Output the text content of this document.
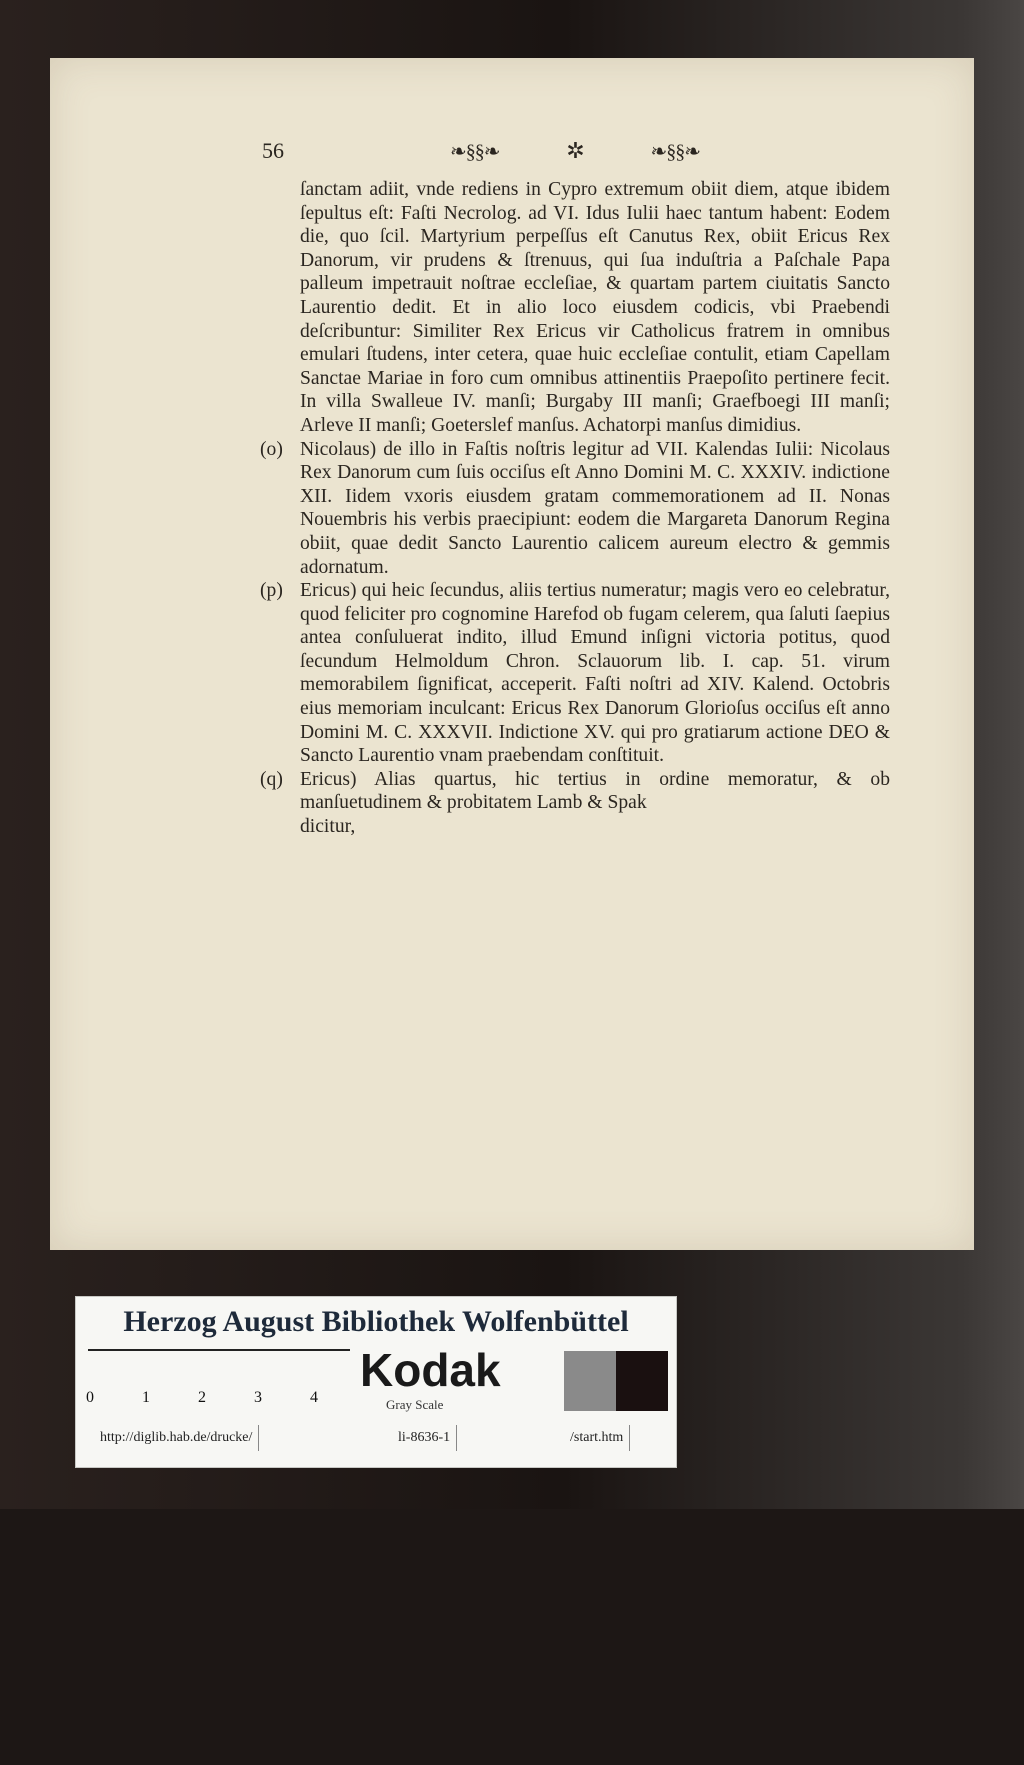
56	❧§§❧	✲	❧§§❧

ſanctam adiit, vnde rediens in Cypro extremum obiit diem, atque ibidem ſepultus eſt: Faſti Necrolog. ad VI. Idus Iulii haec tantum habent: Eodem die, quo ſcil. Martyrium perpeſſus eſt Canutus Rex, obiit Ericus Rex Danorum, vir prudens & ſtrenuus, qui ſua induſtria a Paſchale Papa palleum impetrauit noſtrae eccleſiae, & quartam partem ciuitatis Sancto Laurentio dedit. Et in alio loco eiusdem codicis, vbi Praebendi deſcribuntur: Similiter Rex Ericus vir Catholicus fratrem in omnibus emulari ſtudens, inter cetera, quae huic eccleſiae contulit, etiam Capellam Sanctae Mariae in foro cum omnibus attinentiis Praepoſito pertinere fecit. In villa Swalleue IV. manſi; Burgaby III manſi; Graefboegi III manſi; Arleve II manſi; Goeterslef manſus. Achatorpi manſus dimidius.

(o) Nicolaus) de illo in Faſtis noſtris legitur ad VII. Kalendas Iulii: Nicolaus Rex Danorum cum ſuis occiſus eſt Anno Domini M. C. XXXIV. indictione XII. Iidem vxoris eiusdem gratam commemorationem ad II. Nonas Nouembris his verbis praecipiunt: eodem die Margareta Danorum Regina obiit, quae dedit Sancto Laurentio calicem aureum electro & gemmis adornatum.

(p) Ericus) qui heic ſecundus, aliis tertius numeratur; magis vero eo celebratur, quod feliciter pro cognomine Harefod ob fugam celerem, qua ſaluti ſaepius antea conſuluerat indito, illud Emund inſigni victoria potitus, quod ſecundum Helmoldum Chron. Sclauorum lib. I. cap. 51. virum memorabilem ſignificat, acceperit. Faſti noſtri ad XIV. Kalend. Octobris eius memoriam inculcant: Ericus Rex Danorum Glorioſus occiſus eſt anno Domini M. C. XXXVII. Indictione XV. qui pro gratiarum actione DEO & Sancto Laurentio vnam praebendam conſtituit.

(q) Ericus) Alias quartus, hic tertius in ordine memoratur, & ob manſuetudinem & probitatem Lamb & Spak

dicitur,

Herzog August Bibliothek Wolfenbüttel
0	1	2	3	4
Kodak
Gray Scale
http://diglib.hab.de/drucke/	li-8636-1	/start.htm
